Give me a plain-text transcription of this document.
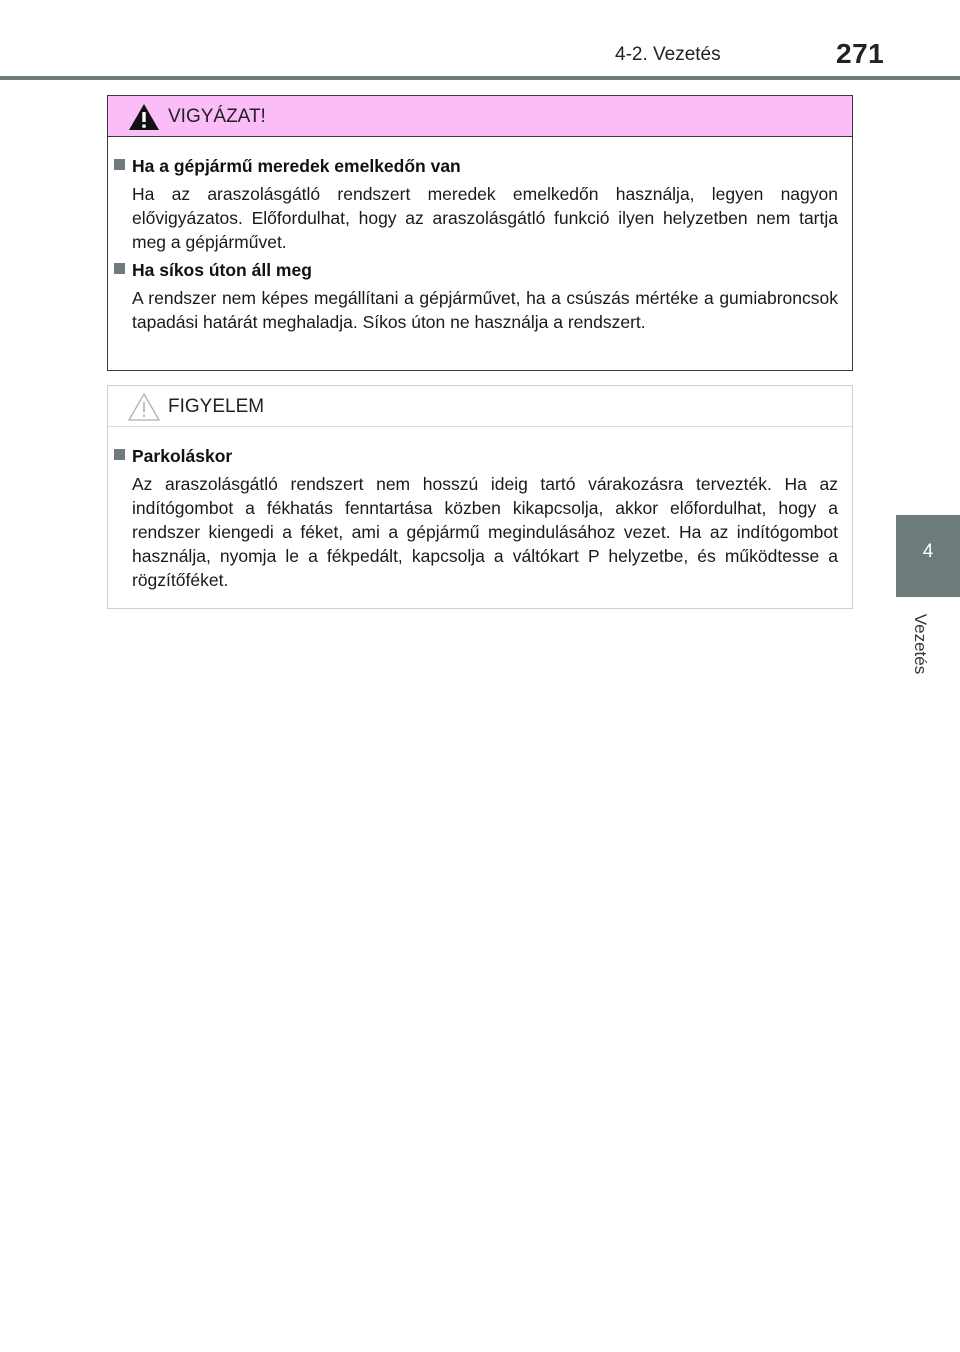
4-2. Vezetés	271
4
Vezetés
VIGYÁZAT!
Ha a gépjármű meredek emelkedőn van

Ha az araszolásgátló rendszert meredek emelkedőn használja, legyen nagyon elővigyázatos. Előfordulhat, hogy az araszolásgátló funkció ilyen helyzetben nem tartja meg a gépjárművet.

Ha síkos úton áll meg

A rendszer nem képes megállítani a gépjárművet, ha a csúszás mértéke a gumiabroncsok tapadási határát meghaladja. Síkos úton ne használja a rendszert.

FIGYELEM
Parkoláskor

Az araszolásgátló rendszert nem hosszú ideig tartó várakozásra tervezték. Ha az indítógombot a fékhatás fenntartása közben kikapcsolja, akkor előfordulhat, hogy a rendszer kiengedi a féket, ami a gépjármű megindulásához vezet. Ha az indítógombot használja, nyomja le a fékpedált, kapcsolja a váltókart P helyzetbe, és működtesse a rögzítőféket.
